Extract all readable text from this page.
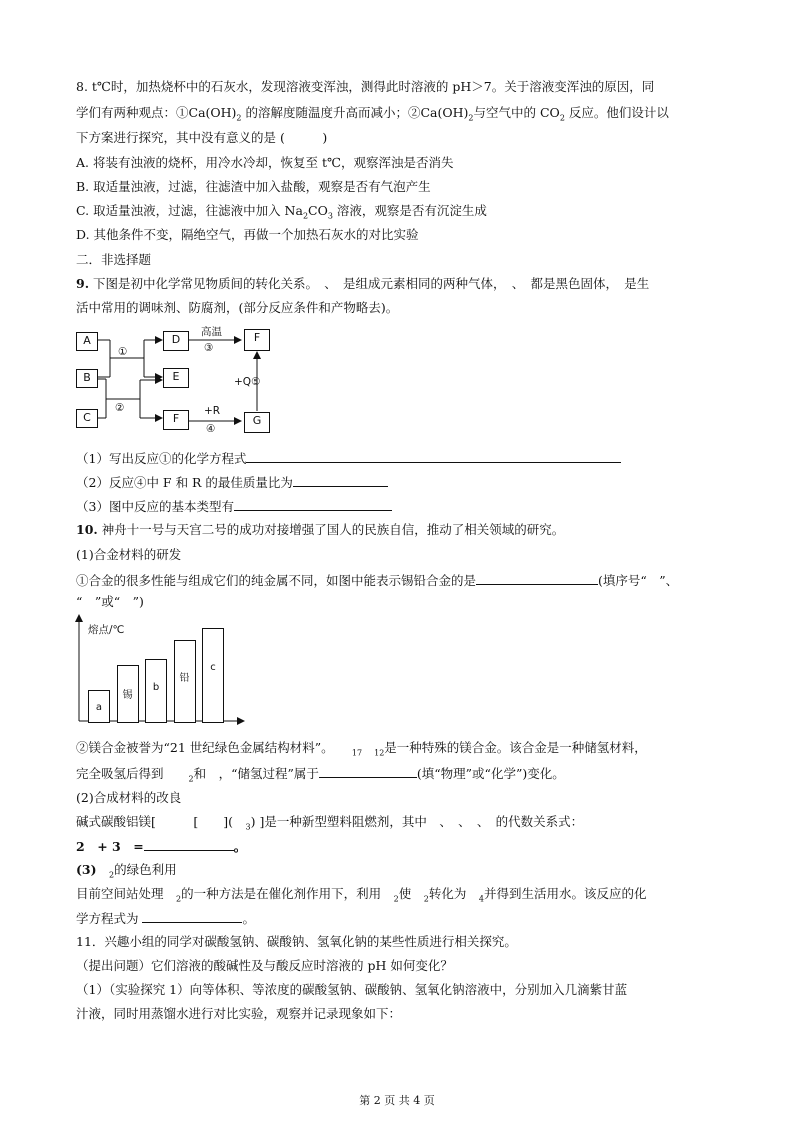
8. t℃时，加热烧杯中的石灰水，发现溶液变浑浊，测得此时溶液的 pH＞7。关于溶液变浑浊的原因，同
学们有两种观点：$①Ca(OH)_2$ 的溶解度随温度升高而减小；$②Ca(OH)_2$与空气中的 $CO_2$ 反应。他们设计以
下方案进行探究，其中没有意义的是 (　　　)
A. 将装有浊液的烧杯，用冷水冷却，恢复至 t℃，观察浑浊是否消失
B. 取适量浊液，过滤，往滤渣中加入盐酸，观察是否有气泡产生
C. 取适量浊液，过滤，往滤液中加入 $Na_2CO_3$ 溶液，观察是否有沉淀生成
D. 其他条件不变，隔绝空气，再做一个加热石灰水的对比实验
二．非选择题
9. 下图是初中化学常见物质间的转化关系。　、　是组成元素相同的两种气体，　、　都是黑色固体，　是生
活中常用的调味剂、防腐剂，(部分反应条件和产物略去)。
A
B
C
D
E
F
F
G
①
②
高温
③
+R
④
+Q⑤
（1）写出反应①的化学方程式
（2）反应④中 F 和 R 的最佳质量比为
（3）图中反应的基本类型有
10. 神舟十一号与天宫二号的成功对接增强了国人的民族自信，推动了相关领域的研究。
(1)合金材料的研发
①合金的很多性能与组成它们的纯金属不同，如图中能表示锡铅合金的是	(填序号“　”、
“　”或“　”)
熔点/℃
a
锡
b
铅
c
②镁合金被誉为“21 世纪绿色金属结构材料”。　$_{17}$ $_{12}$是一种特殊的镁合金。该合金是一种储氢材料，
完全吸氢后得到　　$_2$和　，“储氢过程”属于	(填“物理”或“化学”)变化。
(2)合成材料的改良
碱式碳酸铝镁[　　　[　　](　$_3$) ]是一种新型塑料阻燃剂，其中　、　、　、　的代数关系式：
2　+ 3　=	。
(3)　$_2$的绿色利用
目前空间站处理　$_2$的一种方法是在催化剂作用下，利用　$_2$使　$_2$转化为　$_4$并得到生活用水。该反应的化
学方程式为	。
11．兴趣小组的同学对碳酸氢钠、碳酸钠、氢氧化钠的某些性质进行相关探究。
（提出问题）它们溶液的酸碱性及与酸反应时溶液的 pH 如何变化？
（1）（实验探究 1）向等体积、等浓度的碳酸氢钠、碳酸钠、氢氧化钠溶液中，分别加入几滴紫甘蓝
汁液，同时用蒸馏水进行对比实验，观察并记录现象如下：
第 2 页 共 4 页
